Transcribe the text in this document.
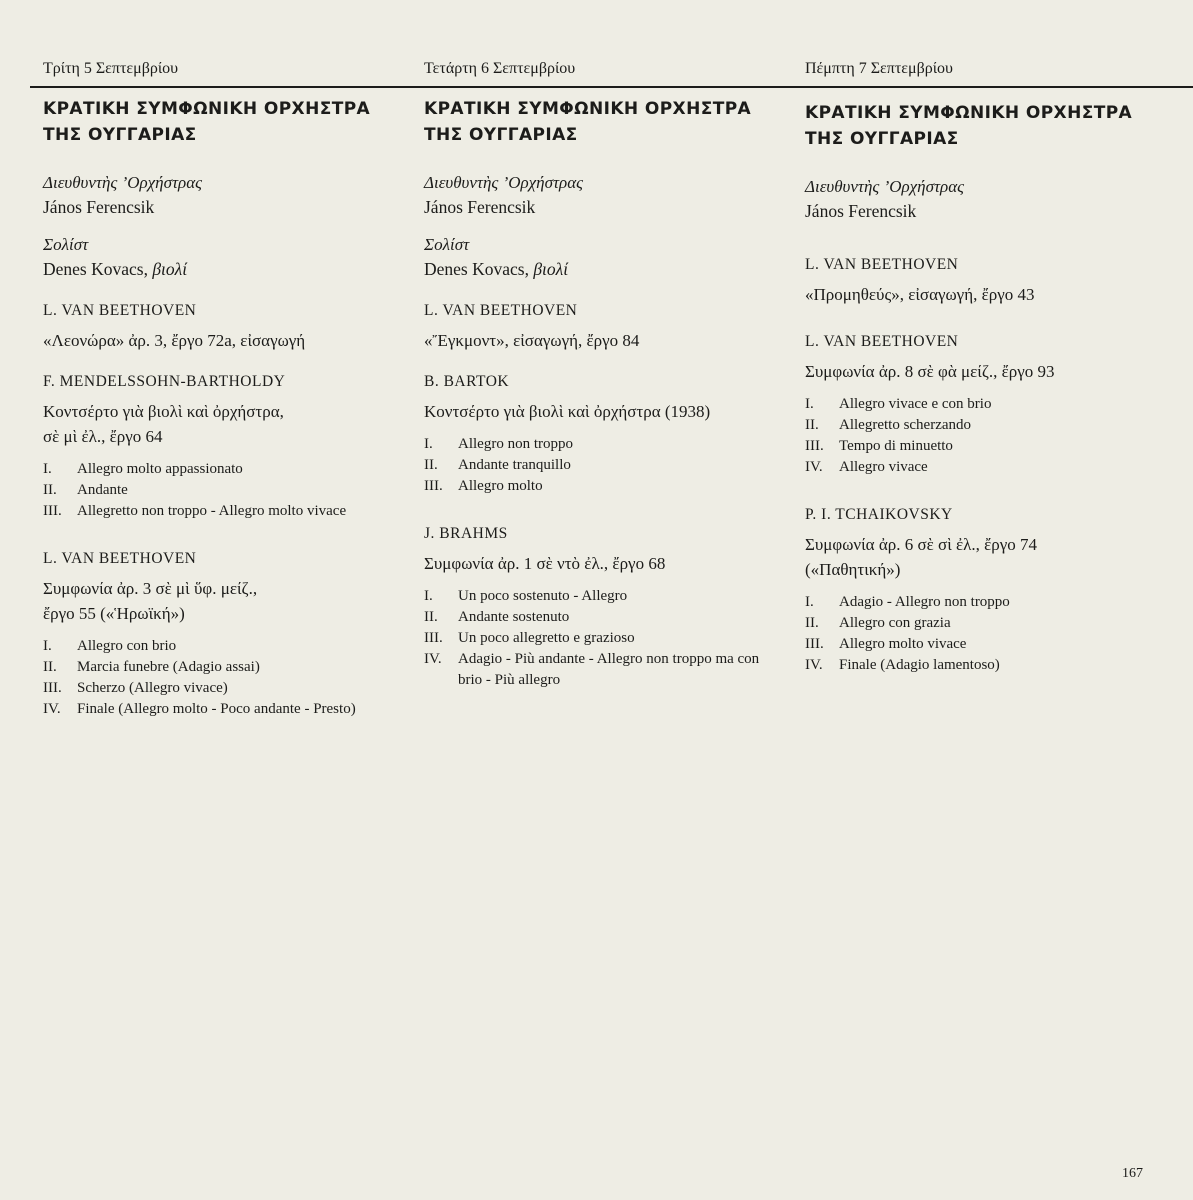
Τρίτη 5 Σεπτεμβρίου	Τετάρτη 6 Σεπτεμβρίου	Πέμπτη 7 Σεπτεμβρίου
ΚΡΑΤΙΚΗ ΣΥΜΦΩΝΙΚΗ ΟΡΧΗΣΤΡΑ
ΤΗΣ ΟΥΓΓΑΡΙΑΣ
Διευθυντὴς ’Ορχήστρας
János Ferencsik
Σολίστ
Denes Kovacs, βιολί
L. VAN BEETHOVEN
«Λεονώρα» ἀρ. 3, ἔργο 72a, εἰσαγωγή
F. MENDELSSOHN-BARTHOLDY
Κοντσέρτο γιὰ βιολὶ καὶ ὀρχήστρα,
σὲ μὶ ἐλ., ἔργο 64
I. Allegro molto appassionato
II. Andante
III. Allegretto non troppo - Allegro molto vivace
L. VAN BEETHOVEN
Συμφωνία ἀρ. 3 σὲ μὶ ὕφ. μείζ.,
ἔργο 55 («Ἡρωϊκή»)
I. Allegro con brio
II. Marcia funebre (Adagio assai)
III. Scherzo (Allegro vivace)
IV. Finale (Allegro molto - Poco andante - Presto)
ΚΡΑΤΙΚΗ ΣΥΜΦΩΝΙΚΗ ΟΡΧΗΣΤΡΑ
ΤΗΣ ΟΥΓΓΑΡΙΑΣ
Διευθυντὴς ’Ορχήστρας
János Ferencsik
Σολίστ
Denes Kovacs, βιολί
L. VAN BEETHOVEN
«Ἔγκμοντ», εἰσαγωγή, ἔργο 84
B. BARTOK
Κοντσέρτο γιὰ βιολὶ καὶ ὀρχήστρα (1938)
I. Allegro non troppo
II. Andante tranquillo
III. Allegro molto
J. BRAHMS
Συμφωνία ἀρ. 1 σὲ ντὸ ἐλ., ἔργο 68
I. Un poco sostenuto - Allegro
II. Andante sostenuto
III. Un poco allegretto e grazioso
IV. Adagio - Più andante - Allegro non troppo ma con brio - Più allegro
ΚΡΑΤΙΚΗ ΣΥΜΦΩΝΙΚΗ ΟΡΧΗΣΤΡΑ
ΤΗΣ ΟΥΓΓΑΡΙΑΣ
Διευθυντὴς ’Ορχήστρας
János Ferencsik
L. VAN BEETHOVEN
«Προμηθεύς», εἰσαγωγή, ἔργο 43
L. VAN BEETHOVEN
Συμφωνία ἀρ. 8 σὲ φὰ μείζ., ἔργο 93
I. Allegro vivace e con brio
II. Allegretto scherzando
III. Tempo di minuetto
IV. Allegro vivace
P. I. TCHAIKOVSKY
Συμφωνία ἀρ. 6 σὲ σὶ ἐλ., ἔργο 74
(«Παθητική»)
I. Adagio - Allegro non troppo
II. Allegro con grazia
III. Allegro molto vivace
IV. Finale (Adagio lamentoso)
167
